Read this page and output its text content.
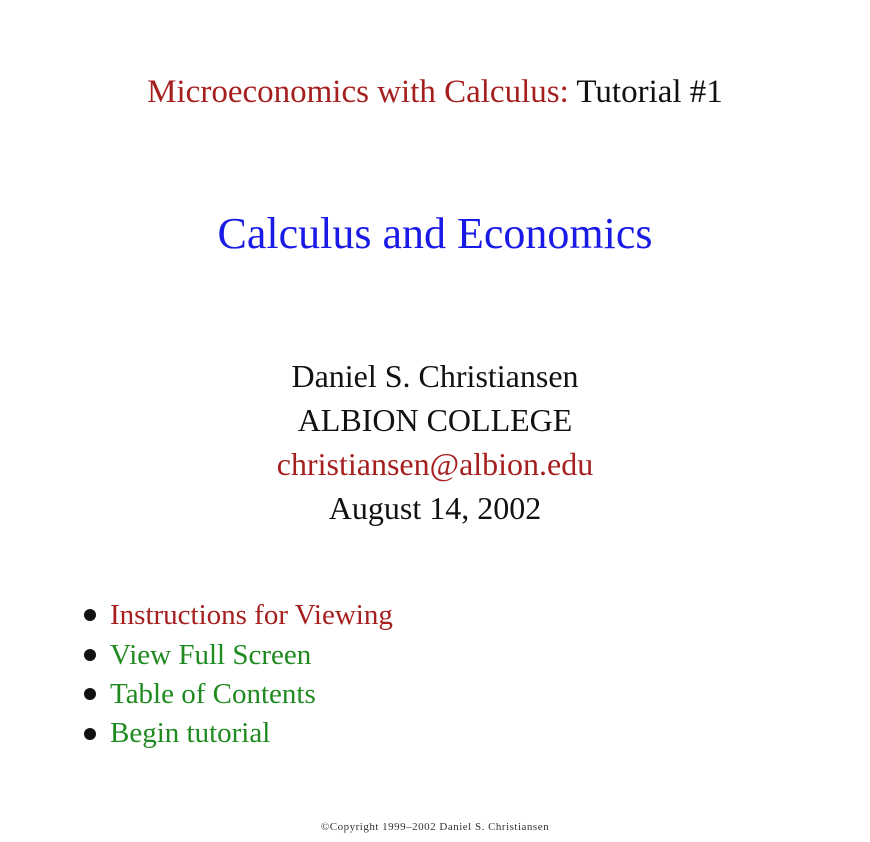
Microeconomics with Calculus: Tutorial #1
Calculus and Economics
Daniel S. Christiansen
ALBION COLLEGE
christiansen@albion.edu
August 14, 2002
Instructions for Viewing
View Full Screen
Table of Contents
Begin tutorial
©Copyright 1999–2002 Daniel S. Christiansen
